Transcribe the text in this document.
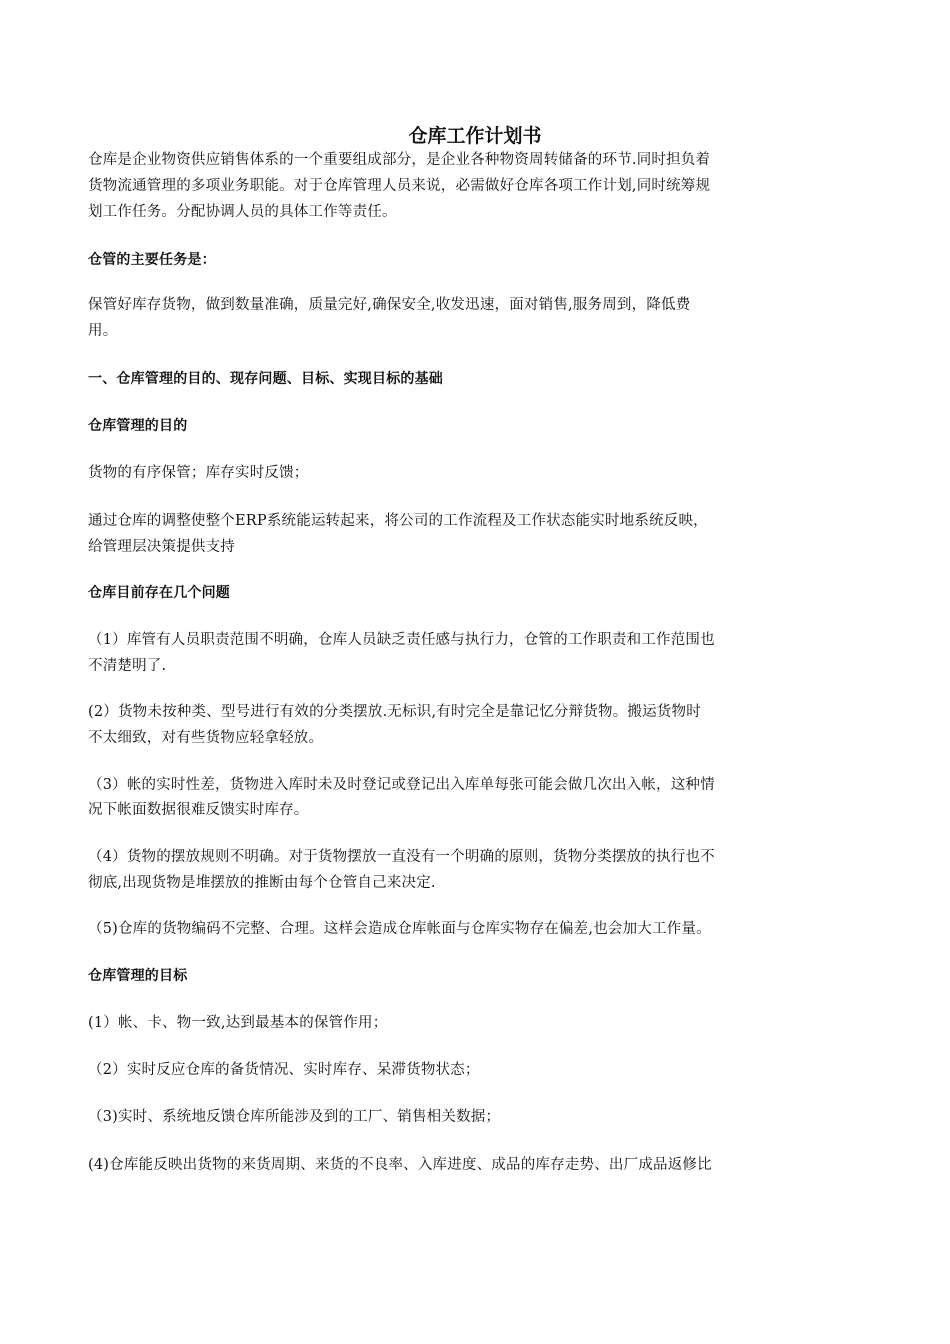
仓库工作计划书

仓库是企业物资供应销售体系的一个重要组成部分，是企业各种物资周转储备的环节.同时担负着

货物流通管理的多项业务职能。对于仓库管理人员来说，必需做好仓库各项工作计划,同时统筹规

划工作任务。分配协调人员的具体工作等责任。

仓管的主要任务是：

保管好库存货物，做到数量准确，质量完好,确保安全,收发迅速，面对销售,服务周到，降低费

用。

一、仓库管理的目的、现存问题、目标、实现目标的基础

仓库管理的目的

货物的有序保管；库存实时反馈；

通过仓库的调整使整个ERP系统能运转起来，将公司的工作流程及工作状态能实时地系统反映，

给管理层决策提供支持

仓库目前存在几个问题

（1）库管有人员职责范围不明确，仓库人员缺乏责任感与执行力，仓管的工作职责和工作范围也

不清楚明了.

(2）货物未按种类、型号进行有效的分类摆放.无标识,有时完全是靠记忆分辩货物。搬运货物时

不太细致，对有些货物应轻拿轻放。

（3）帐的实时性差，货物进入库时未及时登记或登记出入库单每张可能会做几次出入帐，这种情

况下帐面数据很难反馈实时库存。

（4）货物的摆放规则不明确。对于货物摆放一直没有一个明确的原则，货物分类摆放的执行也不

彻底,出现货物是堆摆放的推断由每个仓管自己来决定.

（5)仓库的货物编码不完整、合理。这样会造成仓库帐面与仓库实物存在偏差,也会加大工作量。

仓库管理的目标

(1）帐、卡、物一致,达到最基本的保管作用；

（2）实时反应仓库的备货情况、实时库存、呆滞货物状态；

（3)实时、系统地反馈仓库所能涉及到的工厂、销售相关数据；

(4)仓库能反映出货物的来货周期、来货的不良率、入库进度、成品的库存走势、出厂成品返修比
